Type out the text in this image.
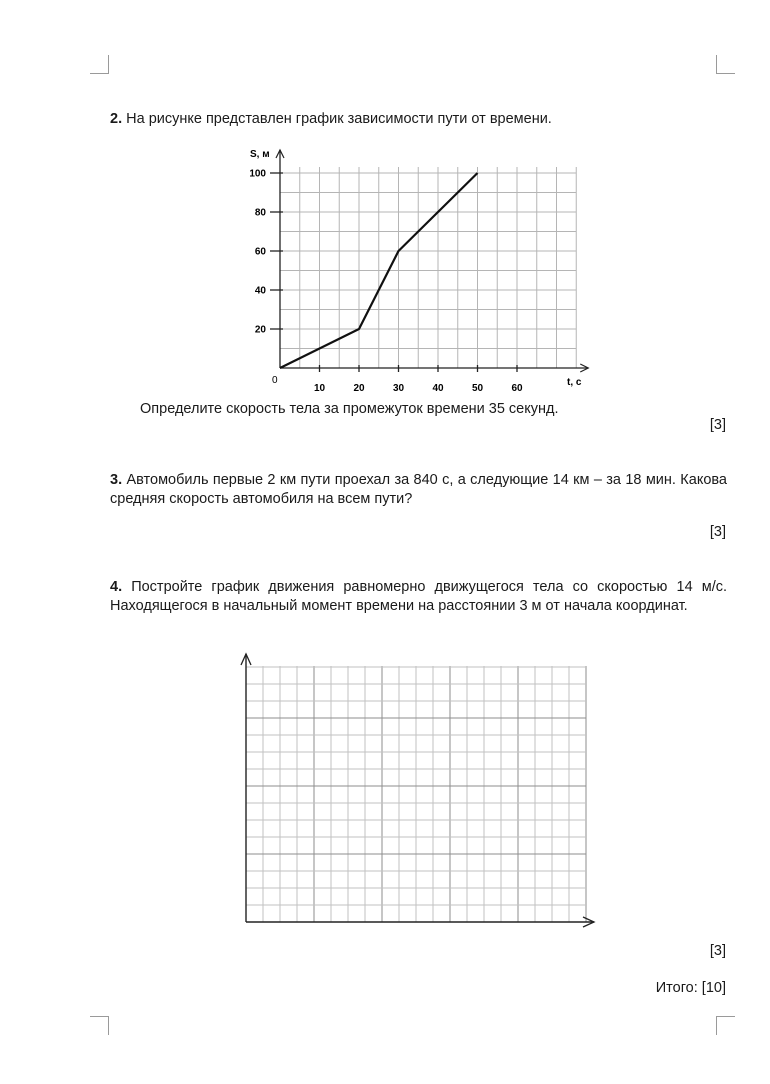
2. На рисунке представлен график зависимости пути от времени.
20
40
60
80
100
10	20	30	40	50	60
S, м
t, с
0
Определите скорость тела за промежуток времени 35 секунд.
[3]
3. Автомобиль первые 2 км пути проехал за 840 с, а следующие 14 км – за 18 мин. Какова средняя скорость автомобиля на всем пути?
[3]
4. Постройте график движения равномерно движущегося тела со скоростью 14 м/с. Находящегося в начальный момент времени на расстоянии 3 м от начала координат.
[3]
Итого: [10]
